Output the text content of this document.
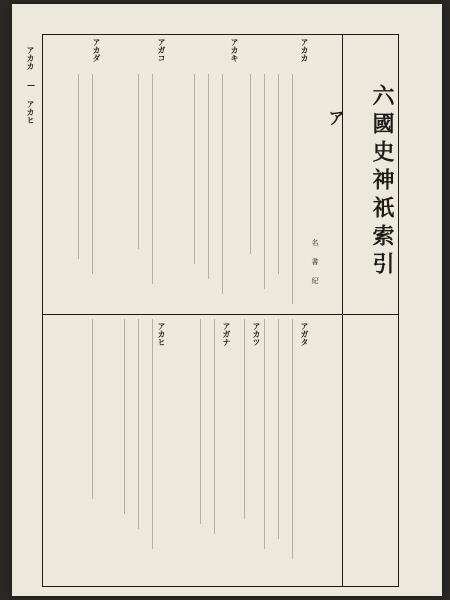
アカカ — アカヒ	六國史神祇索引
ア
名 書 紀
アカカ
アカキ
アガコ
アカダ
アガタ
アカツ
アガナ
アカヒ
